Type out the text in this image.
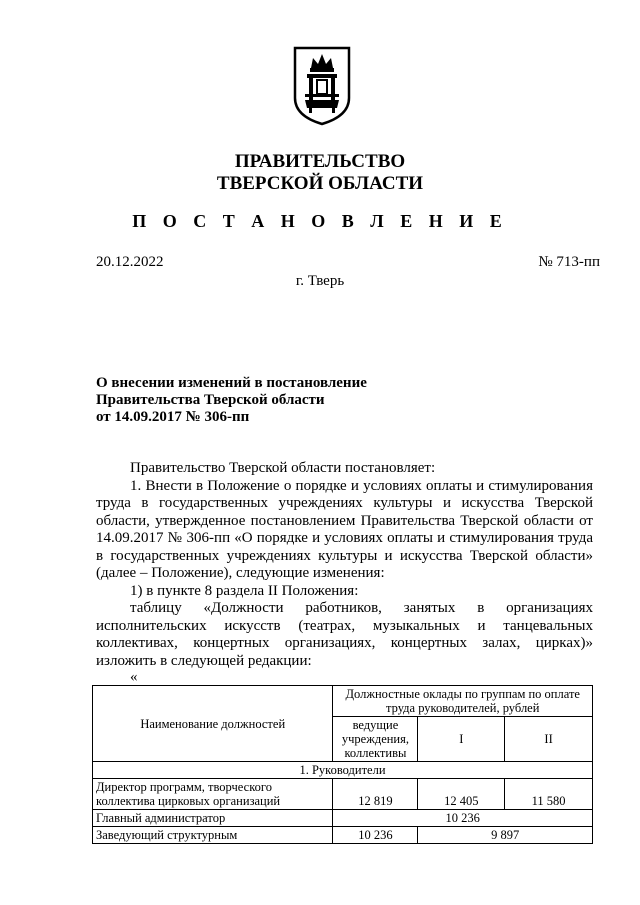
ПРАВИТЕЛЬСТВО
ТВЕРСКОЙ ОБЛАСТИ
П О С Т А Н О В Л Е Н И Е
20.12.2022	№ 713-пп
г. Тверь
О внесении изменений в постановление
Правительства Тверской области
от 14.09.2017 № 306-пп

Правительство Тверской области постановляет:

1. Внести в Положение о порядке и условиях оплаты и стимулирования труда в государственных учреждениях культуры и искусства Тверской области, утвержденное постановлением Правительства Тверской области от 14.09.2017 № 306-пп «О порядке и условиях оплаты и стимулирования труда в государственных учреждениях культуры и искусства Тверской области» (далее – Положение), следующие изменения:

1) в пункте 8 раздела II Положения:

таблицу «Должности работников, занятых в организациях

исполнительских искусств (театрах, музыкальных и танцевальных

коллективах, концертных организациях, концертных залах, цирках)»

изложить в следующей редакции:

«
Наименование должностей	Должностные оклады по группам по оплате труда руководителей, рублей		
	ведущие учреждения, коллективы	I	II
1. Руководители			
Директор программ, творческого коллектива цирковых организаций	12 819	12 405	11 580
Главный администратор	10 236		
Заведующий структурным	10 236	9 897	
